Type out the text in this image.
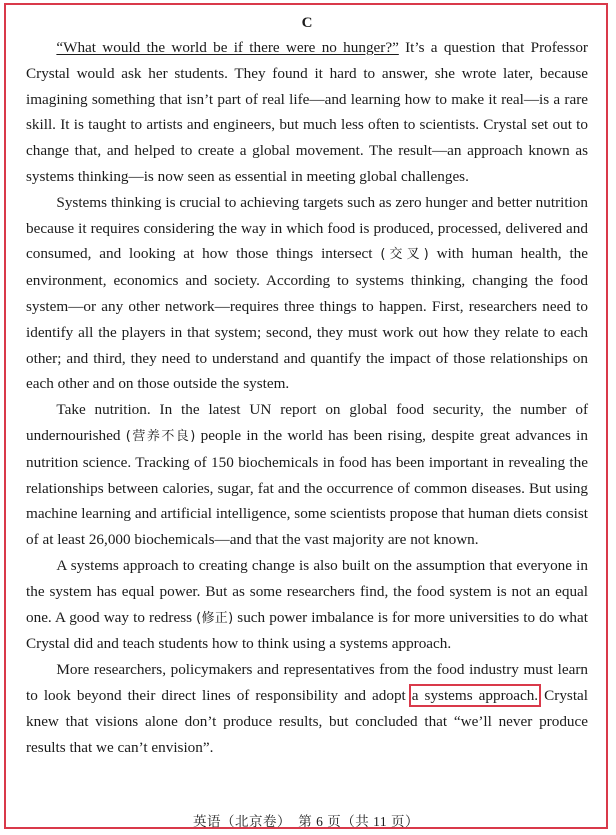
C

“What would the world be if there were no hunger?” It’s a question that Professor Crystal would ask her students. They found it hard to answer, she wrote later, because imagining something that isn’t part of real life—and learning how to make it real—is a rare skill. It is taught to artists and engineers, but much less often to scientists. Crystal set out to change that, and helped to create a global movement. The result—an approach known as systems thinking—is now seen as essential in meeting global challenges.

Systems thinking is crucial to achieving targets such as zero hunger and better nutrition because it requires considering the way in which food is produced, processed, delivered and consumed, and looking at how those things intersect (交叉) with human health, the environment, economics and society. According to systems thinking, changing the food system—or any other network—requires three things to happen. First, researchers need to identify all the players in that system; second, they must work out how they relate to each other; and third, they need to understand and quantify the impact of those relationships on each other and on those outside the system.

Take nutrition. In the latest UN report on global food security, the number of undernourished (营养不良) people in the world has been rising, despite great advances in nutrition science. Tracking of 150 biochemicals in food has been important in revealing the relationships between calories, sugar, fat and the occurrence of common diseases. But using machine learning and artificial intelligence, some scientists propose that human diets consist of at least 26,000 biochemicals—and that the vast majority are not known.

A systems approach to creating change is also built on the assumption that everyone in the system has equal power. But as some researchers find, the food system is not an equal one. A good way to redress (修正) such power imbalance is for more universities to do what Crystal did and teach students how to think using a systems approach.

More researchers, policymakers and representatives from the food industry must learn to look beyond their direct lines of responsibility and adopt a systems approach. Crystal knew that visions alone don’t produce results, but concluded that “we’ll never produce results that we can’t envision”.

英语（北京卷）　第 6 页（共 11 页）
